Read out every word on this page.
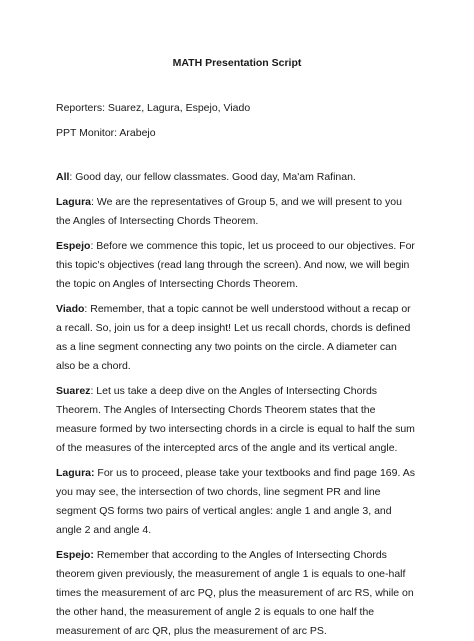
MATH Presentation Script

Reporters: Suarez, Lagura, Espejo, Viado

PPT Monitor: Arabejo

All: Good day, our fellow classmates. Good day, Ma'am Rafinan.

Lagura: We are the representatives of Group 5, and we will present to you the Angles of Intersecting Chords Theorem.

Espejo: Before we commence this topic, let us proceed to our objectives. For this topic's objectives (read lang through the screen). And now, we will begin the topic on Angles of Intersecting Chords Theorem.

Viado: Remember, that a topic cannot be well understood without a recap or a recall. So, join us for a deep insight! Let us recall chords, chords is defined as a line segment connecting any two points on the circle. A diameter can also be a chord.

Suarez: Let us take a deep dive on the Angles of Intersecting Chords Theorem. The Angles of Intersecting Chords Theorem states that the measure formed by two intersecting chords in a circle is equal to half the sum of the measures of the intercepted arcs of the angle and its vertical angle.

Lagura: For us to proceed, please take your textbooks and find page 169. As you may see, the intersection of two chords, line segment PR and line segment QS forms two pairs of vertical angles: angle 1 and angle 3, and angle 2 and angle 4.

Espejo: Remember that according to the Angles of Intersecting Chords theorem given previously, the measurement of angle 1 is equals to one-half times the measurement of arc PQ, plus the measurement of arc RS, while on the other hand, the measurement of angle 2 is equals to one half the measurement of arc QR, plus the measurement of arc PS.
